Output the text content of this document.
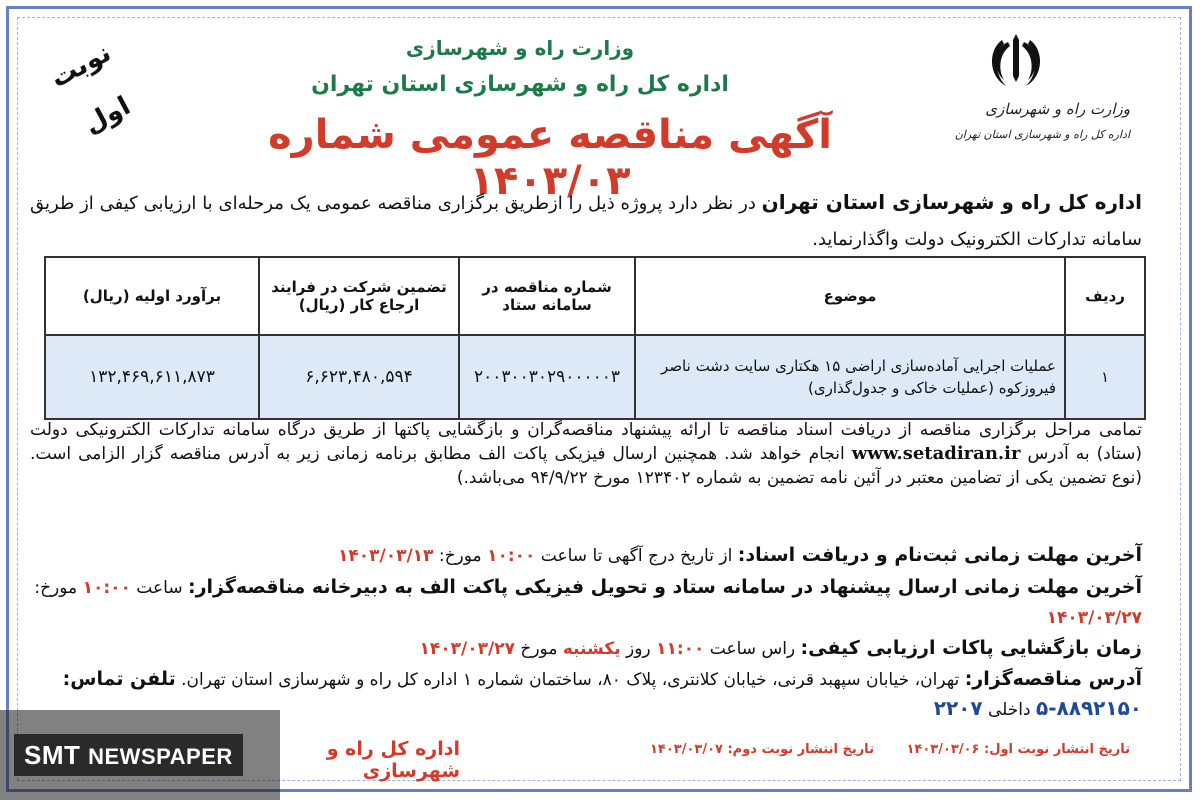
نوبت اول
وزارت راه و شهرسازی
اداره کل راه و شهرسازی استان تهران
آگهی مناقصه عمومی شماره ۱۴۰۳/۰۳
وزارت راه و شهرسازی
اداره کل راه و شهرسازی استان تهران
اداره کل راه و شهرسازی استان تهران در نظر دارد پروژه ذیل را ازطریق برگزاری مناقصه عمومی یک مرحله‌ای با ارزیابی کیفی از طریق سامانه تدارکات الکترونیک دولت واگذارنماید.
ردیف	موضوع	شماره مناقصه در سامانه ستاد	تضمین شرکت در فرایند ارجاع کار (ریال)	برآورد اولیه (ریال)
۱	عملیات اجرایی آماده‌سازی اراضی ۱۵ هکتاری سایت دشت ناصر فیروزکوه (عملیات خاکی و جدول‌گذاری)	۲۰۰۳۰۰۳۰۲۹۰۰۰۰۰۳	۶,۶۲۳,۴۸۰,۵۹۴	۱۳۲,۴۶۹,۶۱۱,۸۷۳
تمامی مراحل برگزاری مناقصه از دریافت اسناد مناقصه تا ارائه پیشنهاد مناقصه‌گران و بازگشایی پاکتها از طریق درگاه سامانه تدارکات الکترونیکی دولت (ستاد) به آدرس www.setadiran.ir انجام خواهد شد. همچنین ارسال فیزیکی پاکت الف مطابق برنامه زمانی زیر به آدرس مناقصه گزار الزامی است. (نوع تضمین یکی از تضامین معتبر در آئین نامه تضمین به شماره ۱۲۳۴۰۲ مورخ ۹۴/۹/۲۲ می‌باشد.)
آخرین مهلت زمانی ثبت‌نام و دریافت اسناد: از تاریخ درج آگهی تا ساعت ۱۰:۰۰ مورخ: ۱۴۰۳/۰۳/۱۳
آخرین مهلت زمانی ارسال پیشنهاد در سامانه ستاد و تحویل فیزیکی پاکت الف به دبیرخانه مناقصه‌گزار: ساعت ۱۰:۰۰ مورخ: ۱۴۰۳/۰۳/۲۷
زمان بازگشایی پاکات ارزیابی کیفی: راس ساعت ۱۱:۰۰ روز یکشنبه مورخ ۱۴۰۳/۰۳/۲۷
آدرس مناقصه‌گزار: تهران، خیابان سپهبد قرنی، خیابان کلانتری، پلاک ۸۰، ساختمان شماره ۱ اداره کل راه و شهرسازی استان تهران. تلفن تماس: ۸۸۹۲۱۵۰-۵ داخلی ۲۲۰۷
اداره کل راه و شهرسازی
تاریخ انتشار نوبت اول: ۱۴۰۳/۰۳/۰۶ تاریخ انتشار نوبت دوم: ۱۴۰۳/۰۳/۰۷
SMT NEWSPAPER
